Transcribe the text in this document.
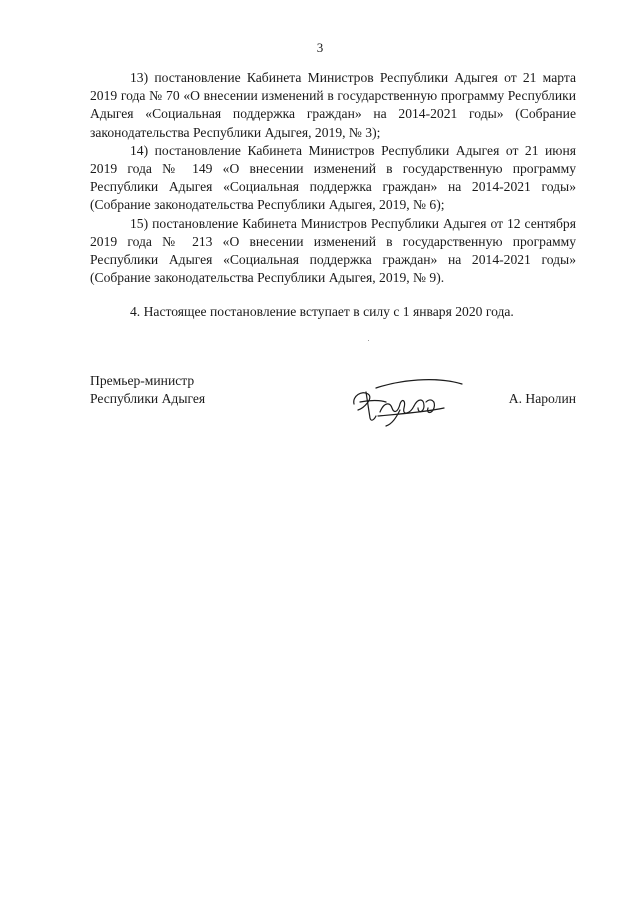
3

13) постановление Кабинета Министров Республики Адыгея от 21 марта 2019 года № 70 «О внесении изменений в государственную программу Республики Адыгея «Социальная поддержка граждан» на 2014-2021 годы» (Собрание законодательства Республики Адыгея, 2019, № 3);

14) постановление Кабинета Министров Республики Адыгея от 21 июня 2019 года № 149 «О внесении изменений в государственную программу Республики Адыгея «Социальная поддержка граждан» на 2014-2021 годы» (Собрание законодательства Республики Адыгея, 2019, № 6);

15) постановление Кабинета Министров Республики Адыгея от 12 сентября 2019 года № 213 «О внесении изменений в государственную программу Республики Адыгея «Социальная поддержка граждан» на 2014-2021 годы» (Собрание законодательства Республики Адыгея, 2019, № 9).

4. Настоящее постановление вступает в силу с 1 января 2020 года.

Премьер-министр
Республики Адыгея	А. Наролин
